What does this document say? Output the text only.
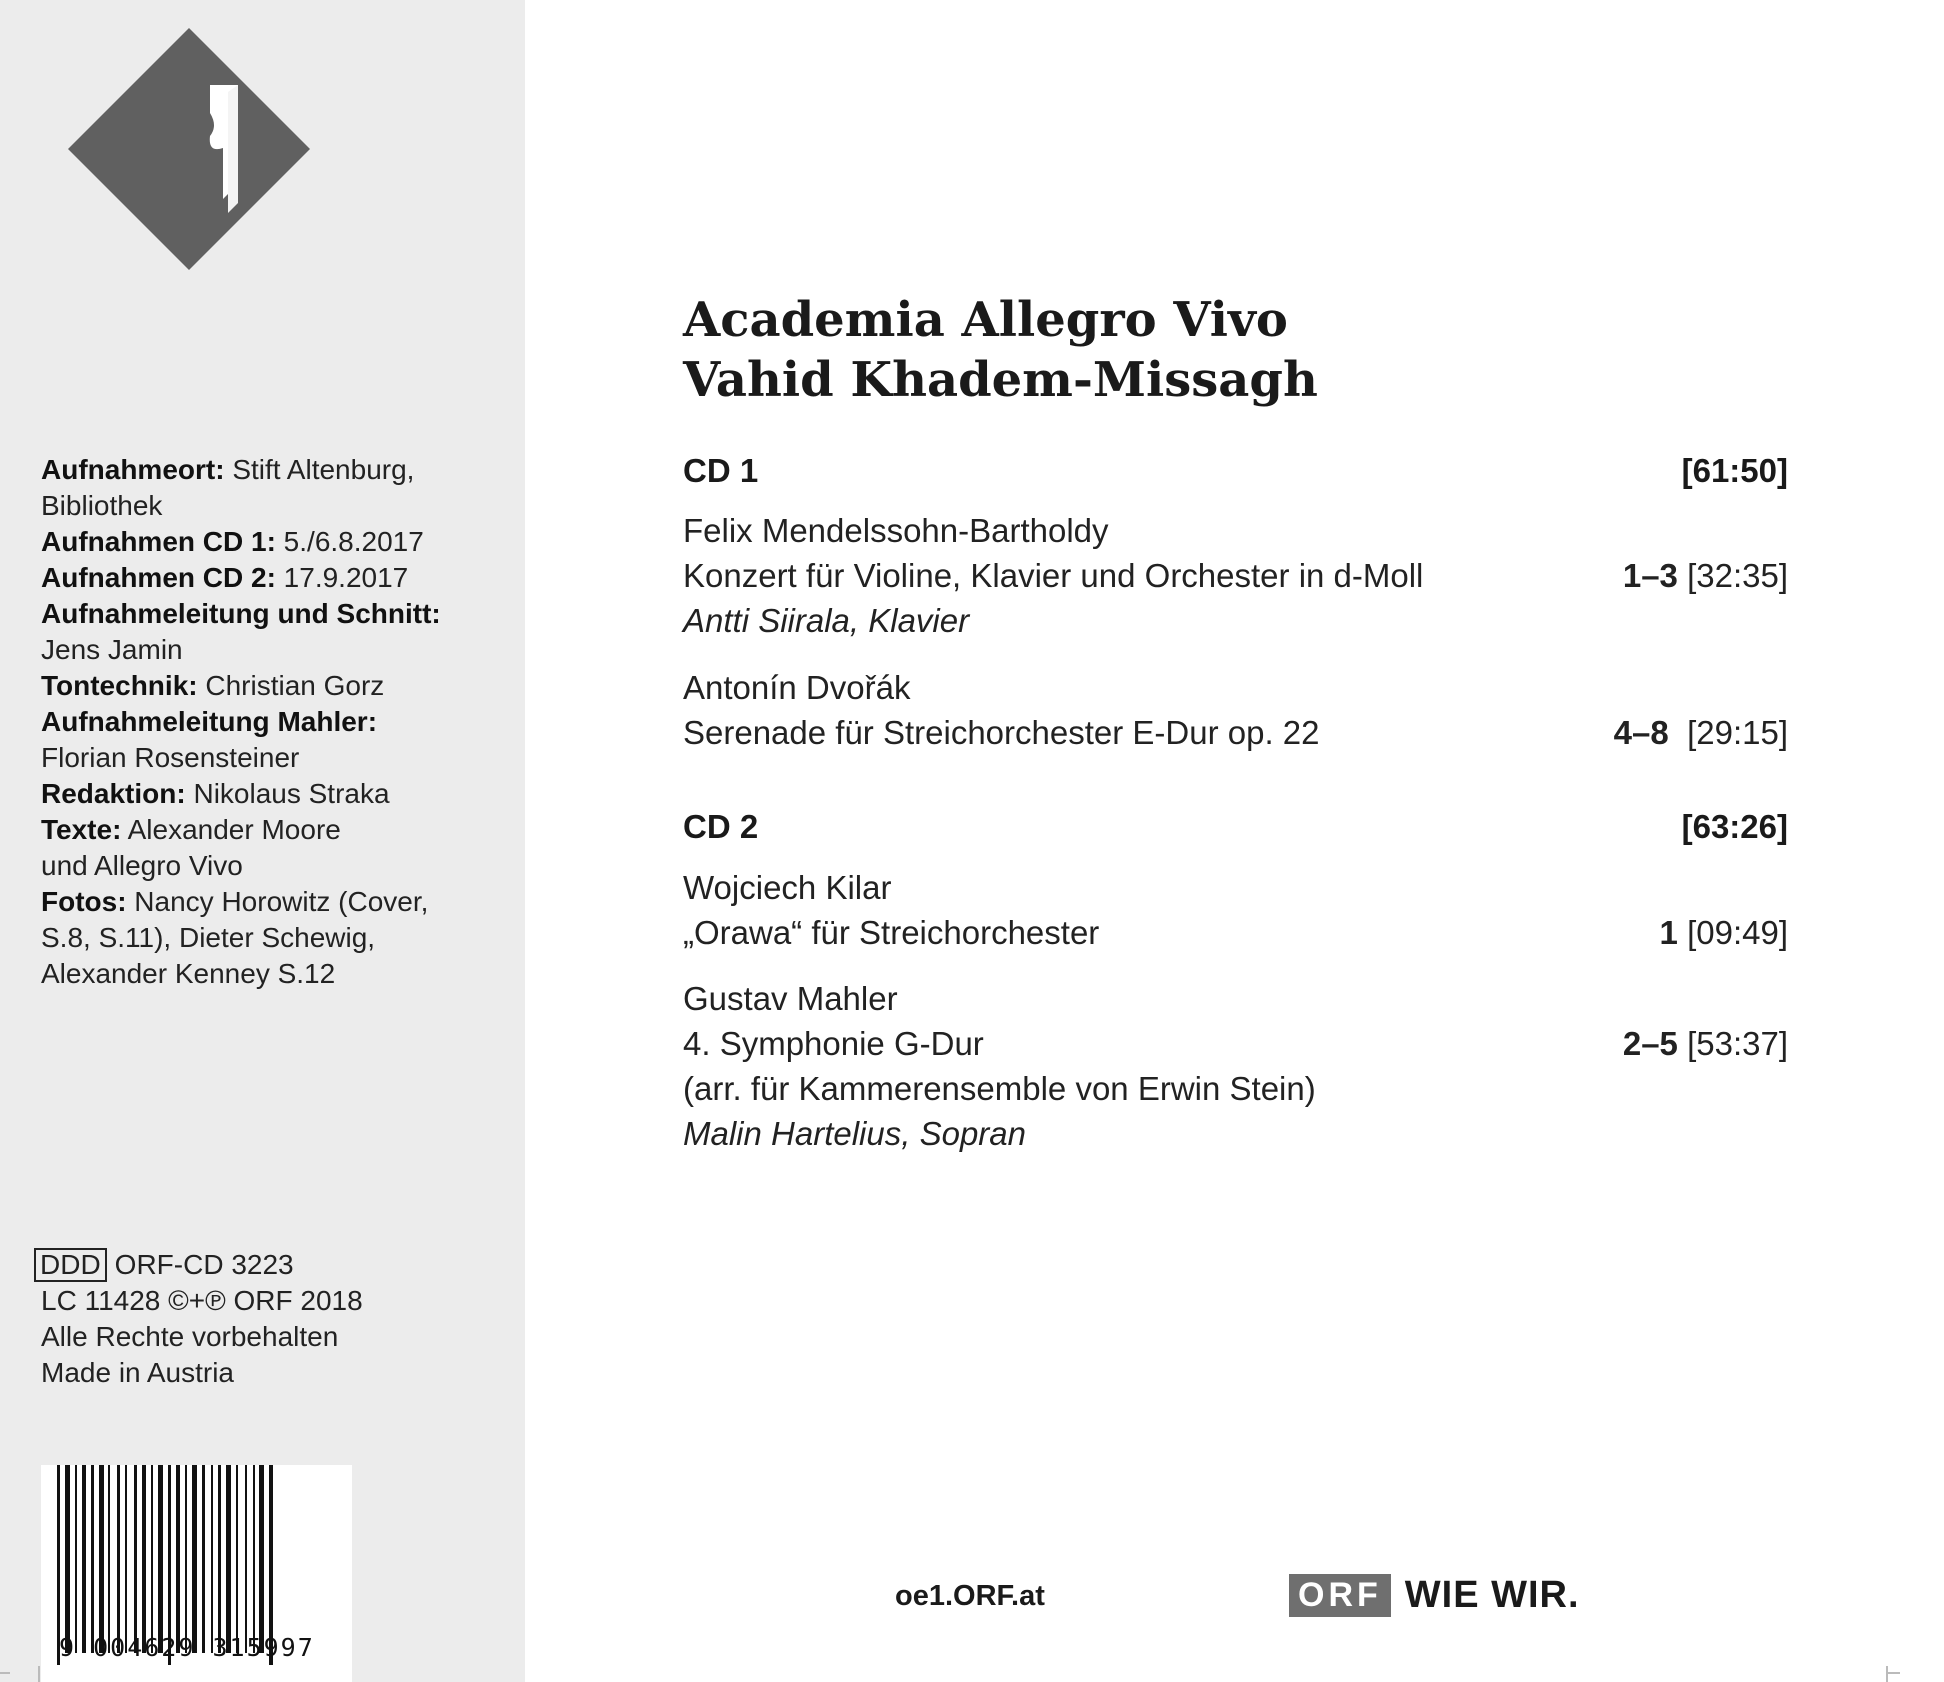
Aufnahmeort: Stift Altenburg,
Bibliothek
Aufnahmen CD 1: 5./6.8.2017
Aufnahmen CD 2: 17.9.2017
Aufnahmeleitung und Schnitt:
Jens Jamin
Tontechnik: Christian Gorz
Aufnahmeleitung Mahler:
Florian Rosensteiner
Redaktion: Nikolaus Straka
Texte: Alexander Moore
und Allegro Vivo
Fotos: Nancy Horowitz (Cover,
S.8, S.11), Dieter Schewig,
Alexander Kenney S.12
DDD ORF-CD 3223
LC 11428 ©+℗ ORF 2018
Alle Rechte vorbehalten
Made in Austria
9 004629 315997
Academia Allegro Vivo
Vahid Khadem-Missagh
CD 1	[61:50]
Felix Mendelssohn-Bartholdy
Konzert für Violine, Klavier und Orchester in d-Moll	1–3 [32:35]
Antti Siirala, Klavier
Antonín Dvořák
Serenade für Streichorchester E-Dur op. 22	4–8 [29:15]
CD 2	[63:26]
Wojciech Kilar
„Orawa“ für Streichorchester	1 [09:49]
Gustav Mahler
4. Symphonie G-Dur	2–5 [53:37]
(arr. für Kammerensemble von Erwin Stein)
Malin Hartelius, Sopran
oe1.ORF.at	ORF WIE WIR.
